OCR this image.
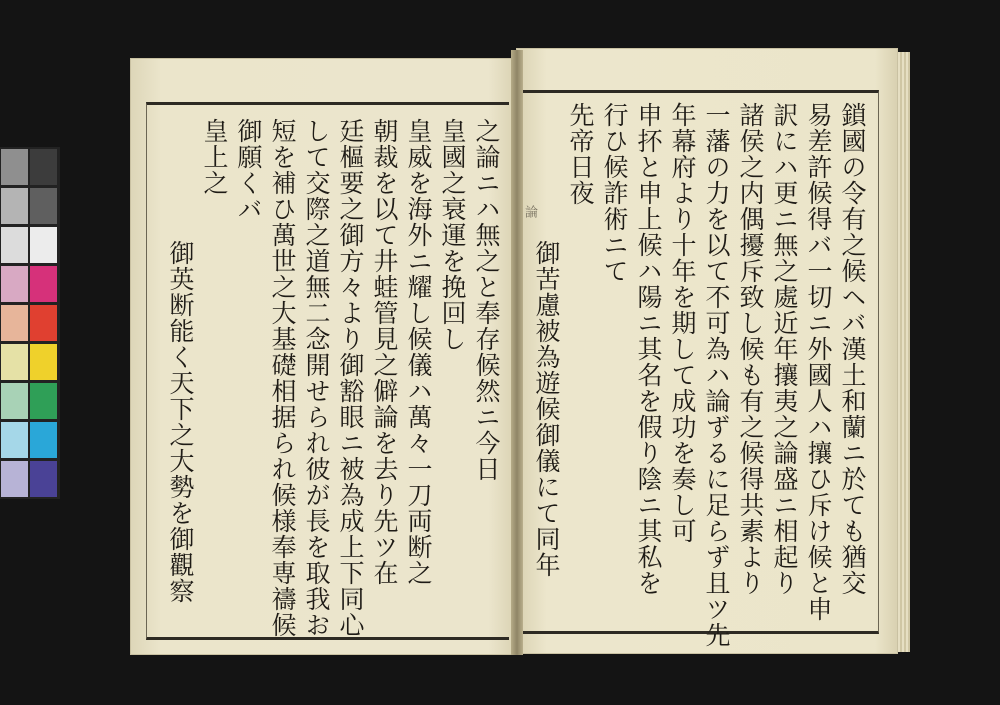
論	鎖國の令有之候ヘバ漢土和蘭ニ於ても猶交
易差許候得バ一切ニ外國人ハ攘ひ斥け候と申
訳にハ更ニ無之處近年攘夷之論盛ニ相起り
諸侯之内偶擾斥致し候も有之候得共素より
一藩の力を以て不可為ハ論ずるに足らず且ツ先
年幕府より十年を期して成功を奏し可
申抔と申上候ハ陽ニ其名を假り陰ニ其私を
行ひ候詐術ニて
先帝日夜
御苦慮被為遊候御儀にて同年
之論ニハ無之と奉存候然ニ今日
皇國之衰運を挽回し
皇威を海外ニ耀し候儀ハ萬々一刀両断之
朝裁を以て井蛙管見之僻論を去り先ツ在
廷樞要之御方々より御豁眼ニ被為成上下同心
して交際之道無二念開せられ彼が長を取我お
短を補ひ萬世之大基礎相据られ候様奉専禱候
御願くバ
皇上之
御英断能く天下之大勢を御觀察
